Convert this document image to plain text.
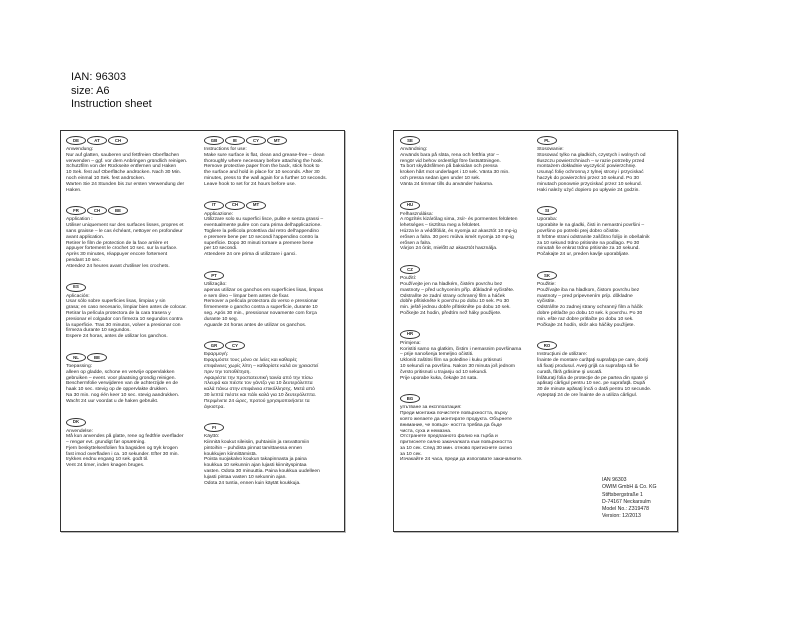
IAN: 96303
size: A6
Instruction sheet
DE	AT	CH
Anwendung:
Nur auf glatten, sauberen und fettfreien Oberflächen
verwenden – ggf. vor dem Anbringen gründlich reinigen.
Schutzfilm von der Rückseite entfernen und Haken
10 Sek. fest auf Oberfläche andrücken. Nach 30 Min.
noch einmal 10 Sek. fest andrücken.
Warten Sie 24 Stunden bis zur ersten Verwendung der
Haken.
FR	CH	BE
Application :
Utiliser uniquement sur des surfaces lisses, propres et
sans graisse – le cas échéant, nettoyer en profondeur
avant application.
Retirer le film de protection de la face arrière et
appuyer fortement le crochet 10 sec. sur la surface.
Après 30 minutes, réappuyer encore fortement
pendant 10 sec.
Attendez 24 heures avant d'utiliser les crochets.
ES
Aplicación:
Usar sólo sobre superficies lisas, limpias y sin
grasa; en caso necesario, limpiar bien antes de colocar.
Retirar la película protectora de la cara trasera y
presionar el colgador con firmeza 10 segundos contra
la superficie. Tras 30 minutos, volver a presionar con
firmeza durante 10 segundos.
Espere 24 horas, antes de utilizar los ganchos.
NL	BE
Toepassing:
alleen op gladde, schone en vetvrije oppervlakken
gebruiken – event. voor plaatsing grondig reinigen.
Beschermfolie verwijderen van de achterzijde en de
haak 10 sec. stevig op de oppervlakte drukken.
Na 30 min. nog één keer 10 sec. stevig aandrukken.
Wacht 24 uur voordat u de haken gebruikt.
DK
Anvendelse:
Må kun anvendes på glatte, rene og fedtfrie overflader
– rengør evt. grundigt før opsætning.
Fjern beskyttelsesfolien fra bagsiden og tryk krogen
fast imod overfladen i ca. 10 sekunder. Efter 30 min.
trykkes endnu engang 10 sek. godt til.
Vent 24 timer, inden knagen bruges.
GB	IE	CY	MT
Instructions for use:
Make sure surface is flat, clean and grease-free – clean
thoroughly where necessary before attaching the hook.
Remove protective paper from the back, stick hook to
the surface and hold in place for 10 seconds. After 30
minutes, press to the wall again for a further 10 seconds.
Leave hook to set for 24 hours before use.
IT	CH	MT
Applicazione:
Utilizzare solo su superfici lisce, pulite e senza grassi –
eventualmente pulire con cura prima dell'applicazione.
Togliere la pellicola protettiva dal retro dell'appendino
e premere bene per 10 secondi l'appendino contro la
superficie. Dopo 30 minuti tornare a premere bene
per 10 secondi.
Attendere 24 ore prima di utilizzare i ganci.
PT
Utilização:
apenas utilizar os ganchos em superfícies lisas, limpas
e sem óleo – limpar bem antes de fixar.
Remover a película protectora do verso e pressionar
firmemente o gancho contra a superfície, durante 10
seg. Após 30 min., pressionar novamente com força
durante 10 seg.
Aguarde 24 horas antes de utilizar os ganchos.
GR	CY
Εφαρμογή:
Εφαρμόστε τους μόνο σε λείες και καθαρές
επιφάνειες χωρίς λίπη – καθαρίστε καλά αν χρειαστεί
πριν την τοποθέτηση.
Αφαιρέστε την προστατευτική ταινία από την πίσω
πλευρά και πιέστε τον γάντζο για 10 δευτερόλεπτα
καλά πάνω στην επιφάνεια επικόλλησης. Μετά από
30 λεπτά πιέστε και πάλι καλά για 10 δευτερόλεπτα.
Περιμένετε 24 ώρες, προτού χρησιμοποιήσετε τα
άγκιστρα.
FI
Käyttö:
Kiinnitä koukut sileisiin, puhtaisiin ja rasvattomiin
pintoihin – puhdista pinnat tarvittaessa ennen
koukkujen kiinnittämistä.
Poista suojakalvo koukun takapinnasta ja paina
koukkua 10 sekunnin ajan lujasti kiinnityspintaa
vasten. Odota 30 minuuttia. Paina koukkua uudelleen
lujasti pintaa vasten 10 sekunnin ajan.
Odota 24 tuntia, ennen kuin käytät koukkuja.
SE
Användning:
Används bara på släta, rena och fettfria ytor –
rengör vid behov ordentligt före fastsättningen.
Ta bort skyddsfilmen på baksidan och pressa
kroken hårt mot underlaget i 10 sek. Vänta 30 min.
och pressa sedan igen under 10 sek.
Vänta 24 timmar tills du använder hakarna.
HU
Felhasználása:
A rögzítés kizárólag sima, zsír- és pormentes felületen
lehetséges – tisztítsa meg a felületet.
Húzza le a védőfóliát, és nyomja az akasztót 10 mp-ig
erősen a falra. 30 perc múlva ismét nyomja 10 mp-ig
erősen a falra.
Várjon 24 órát, mielőtt az akasztót használja.
CZ
Použití:
Používejte jen na hladkém, čistém povrchu bez
mastnoty – před uchycením příp. důkladně vyčistěte.
Odstraňte ze zadní strany ochranný film a háček
dobře přitiskněte k povrchu po dobu 10 sek. Po 30
min. ještě jednou dobře přitiskněte po dobu 10 sek.
Počkejte 24 hodin, předtím než háky použijete.
HR
Primjena:
Koristiti samo na glatkim, čistim i nemasnim površinama
– prije nanošenja temeljno očistiti.
Ukloniti zaštitni film sa poleđine i kuku pritisnuti
10 sekundi na površinu. Nakon 30 minuta još jednom
čvrsto pritisnuti u trajanju od 10 sekundi.
Prije uporabe kuka, čekajte 24 sata.
BG
упътване за експлоатация:
Преди монтажа почистете повърхността, върху
която желаете да монтирате продукта. Обърнете
внимание, че повърх- ността трябва да бъде
чиста, суха и немазна.
Отстранете предпазното фолио на гърба и
притиснете силно закачалката към повърхността
за 10 сек. След 30 мин. отново притиснете силно
за 10 сек.
Изчакайте 24 часа, преди да използвате закачалките.
PL
Stosowanie:
Stosować tylko na gładkich, czystych i wolnych od
tłuszczu powierzchniach – w razie potrzeby przed
montażem dokładnie wyczyścić powierzchnię.
Usunąć folię ochronną z tylnej strony i przyciskać
haczyk do powierzchni przez 10 sekund. Po 30
minutach ponownie przyciskać przez 10 sekund.
Haki należy użyć dopiero po upływie 24 godzin.
SI
Uporaba:
Uporabite le na gladki, čisti in nemastni površini –
površino po potrebi prej dobro očistite.
S hrbtne strani odstranite zaščitno folijo in obešalnik
za 10 sekund trdno pritisnite na podlago. Po 30
minutah še enkrat trdno pritisnite za 10 sekund.
Počakajte 24 ur, preden kavlje uporabljate.
SK
Použitie:
Používajte iba na hladkom, čistom povrchu bez
mastnoty – pred pripevnením príp. dôkladne
vyčistite.
Odstráňte zo zadnej strany ochranný film a háčik
dobre pritlačte po dobu 10 sek. k povrchu. Po 30
min. ešte raz dobre pritlačte po dobu 10 sek.
Počkajte 24 hodín, skôr ako háčiky použijete.
RO
Instrucţiuni de utilizare:
Înainte de montare curăţaţi suprafaţa pe care, doriţi
să fixaţi produsul. Aveţi grijă ca suprafaţa să fie
curată, fără grăsime şi uscată.
Înlăturaţi folia de protecţie de pe partea din spate şi
apăsaţi cârligul pentru 10 sec. pe suprafaţă. După
30 de minute apăsaţi încă o dată pentru 10 secunde.
Aşteptaţi 24 de ore înainte de a utiliza cârligul.
IAN 96303
OWIM GmbH & Co. KG
Stiftsbergstraße 1
D-74167 Neckarsulm
Model No.: Z319478
Version: 12/2013
